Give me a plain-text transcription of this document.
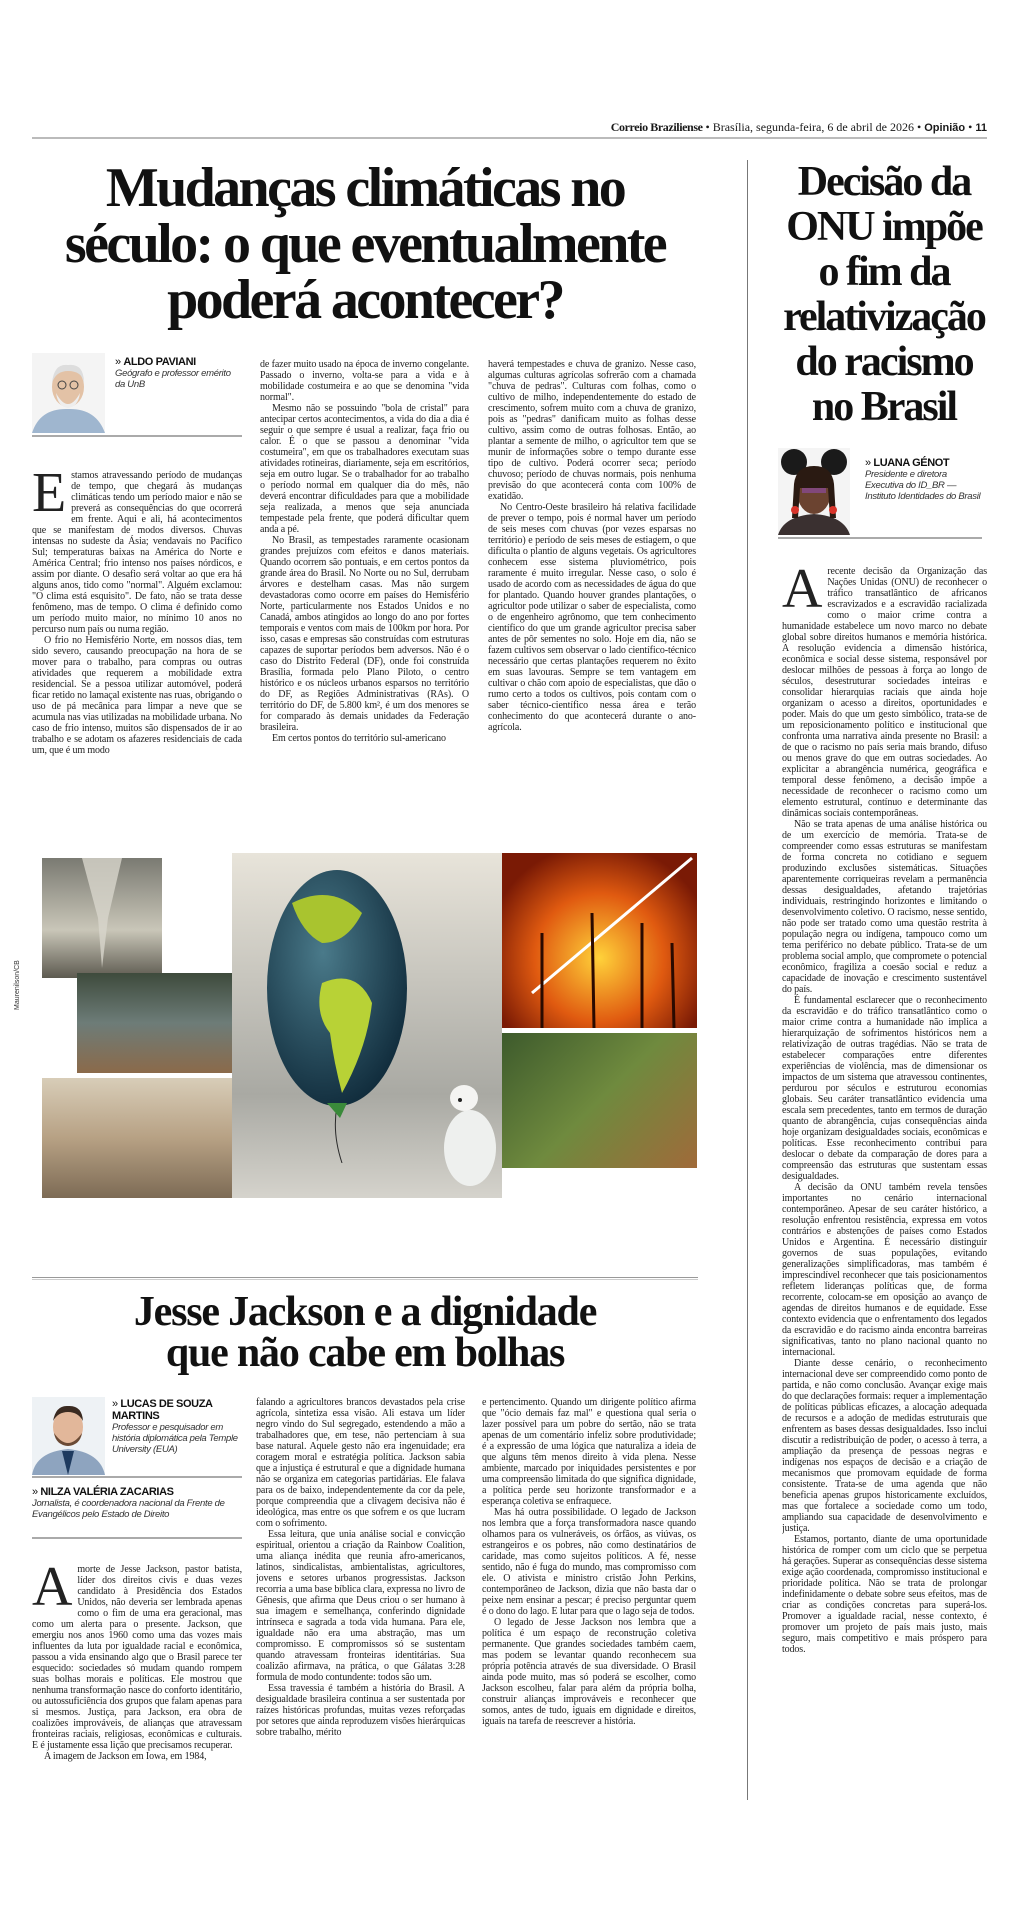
Correio Braziliense • Brasília, segunda-feira, 6 de abril de 2026 • Opinião • 11
Mudanças climáticas no
século: o que eventualmente
poderá acontecer?
» ALDO PAVIANI
Geógrafo e professor emérito da UnB

Estamos atravessando período de mudanças de tempo, que chegará às mudanças climáticas tendo um período maior e não se preverá as consequências do que ocorrerá em frente. Aqui e ali, há acontecimentos que se manifestam de modos diversos. Chuvas intensas no sudeste da Ásia; vendavais no Pacífico Sul; temperaturas baixas na América do Norte e América Central; frio intenso nos países nórdicos, e assim por diante. O desafio será voltar ao que era há alguns anos, tido como "normal". Alguém exclamou: "O clima está esquisito". De fato, não se trata desse fenômeno, mas de tempo. O clima é definido como um período muito maior, no mínimo 10 anos no percurso num país ou numa região.

O frio no Hemisfério Norte, em nossos dias, tem sido severo, causando preocupação na hora de se mover para o trabalho, para compras ou outras atividades que requerem a mobilidade extra residencial. Se a pessoa utilizar automóvel, poderá ficar retido no lamaçal existente nas ruas, obrigando o uso de pá mecânica para limpar a neve que se acumula nas vias utilizadas na mobilidade urbana. No caso de frio intenso, muitos são dispensados de ir ao trabalho e se adotam os afazeres residenciais de cada um, que é um modo

de fazer muito usado na época de inverno congelante. Passado o inverno, volta-se para a vida e à mobilidade costumeira e ao que se denomina "vida normal".

Mesmo não se possuindo "bola de cristal" para antecipar certos acontecimentos, a vida do dia a dia é seguir o que sempre é usual a realizar, faça frio ou calor. É o que se passou a denominar "vida costumeira", em que os trabalhadores executam suas atividades rotineiras, diariamente, seja em escritórios, seja em outro lugar. Se o trabalhador for ao trabalho o período normal em qualquer dia do mês, não deverá encontrar dificuldades para que a mobilidade seja realizada, a menos que seja anunciada tempestade pela frente, que poderá dificultar quem anda a pé.

No Brasil, as tempestades raramente ocasionam grandes prejuízos com efeitos e danos materiais. Quando ocorrem são pontuais, e em certos pontos da grande área do Brasil. No Norte ou no Sul, derrubam árvores e destelham casas. Mas não surgem devastadoras como ocorre em países do Hemisfério Norte, particularmente nos Estados Unidos e no Canadá, ambos atingidos ao longo do ano por fortes temporais e ventos com mais de 100km por hora. Por isso, casas e empresas são construídas com estruturas capazes de suportar períodos bem adversos. Não é o caso do Distrito Federal (DF), onde foi construída Brasília, formada pelo Plano Piloto, o centro histórico e os núcleos urbanos esparsos no território do DF, as Regiões Administrativas (RAs). O território do DF, de 5.800 km², é um dos menores se for comparado às demais unidades da Federação brasileira.

Em certos pontos do território sul-americano

haverá tempestades e chuva de granizo. Nesse caso, algumas culturas agrícolas sofrerão com a chamada "chuva de pedras". Culturas com folhas, como o cultivo de milho, independentemente do estado de crescimento, sofrem muito com a chuva de granizo, pois as "pedras" danificam muito as folhas desse cultivo, assim como de outras folhosas. Então, ao plantar a semente de milho, o agricultor tem que se munir de informações sobre o tempo durante esse tipo de cultivo. Poderá ocorrer seca; período chuvoso; período de chuvas normais, pois nenhuma previsão do que acontecerá conta com 100% de exatidão.

No Centro-Oeste brasileiro há relativa facilidade de prever o tempo, pois é normal haver um período de seis meses com chuvas (por vezes esparsas no território) e período de seis meses de estiagem, o que dificulta o plantio de alguns vegetais. Os agricultores conhecem esse sistema pluviométrico, pois raramente é muito irregular. Nesse caso, o solo é usado de acordo com as necessidades de água do que for plantado. Quando houver grandes plantações, o agricultor pode utilizar o saber de especialista, como o de engenheiro agrônomo, que tem conhecimento científico do que um grande agricultor precisa saber antes de pôr sementes no solo. Hoje em dia, não se fazem cultivos sem observar o lado científico-técnico necessário que certas plantações requerem no êxito em suas lavouras. Sempre se tem vantagem em cultivar o chão com apoio de especialistas, que dão o rumo certo a todos os cultivos, pois contam com o saber técnico-científico nessa área e terão conhecimento do que acontecerá durante o ano-agrícola.

Maurenilson/CB
Jesse Jackson e a dignidade
que não cabe em bolhas
» LUCAS DE SOUZA MARTINS
Professor e pesquisador em história diplomática pela Temple University (EUA)
» NILZA VALÉRIA ZACARIAS
Jornalista, é coordenadora nacional da Frente de Evangélicos pelo Estado de Direito

Amorte de Jesse Jackson, pastor batista, líder dos direitos civis e duas vezes candidato à Presidência dos Estados Unidos, não deveria ser lembrada apenas como o fim de uma era geracional, mas como um alerta para o presente. Jackson, que emergiu nos anos 1960 como uma das vozes mais influentes da luta por igualdade racial e econômica, passou a vida ensinando algo que o Brasil parece ter esquecido: sociedades só mudam quando rompem suas bolhas morais e políticas. Ele mostrou que nenhuma transformação nasce do conforto identitário, ou autossuficiência dos grupos que falam apenas para si mesmos. Justiça, para Jackson, era obra de coalizões improváveis, de alianças que atravessam fronteiras raciais, religiosas, econômicas e culturais. E é justamente essa lição que precisamos recuperar.

A imagem de Jackson em Iowa, em 1984,

falando a agricultores brancos devastados pela crise agrícola, sintetiza essa visão. Ali estava um líder negro vindo do Sul segregado, estendendo a mão a trabalhadores que, em tese, não pertenciam à sua base natural. Aquele gesto não era ingenuidade; era coragem moral e estratégia política. Jackson sabia que a injustiça é estrutural e que a dignidade humana não se organiza em categorias partidárias. Ele falava para os de baixo, independentemente da cor da pele, porque compreendia que a clivagem decisiva não é ideológica, mas entre os que sofrem e os que lucram com o sofrimento.

Essa leitura, que unia análise social e convicção espiritual, orientou a criação da Rainbow Coalition, uma aliança inédita que reunia afro-americanos, latinos, sindicalistas, ambientalistas, agricultores, jovens e setores urbanos progressistas. Jackson recorria a uma base bíblica clara, expressa no livro de Gênesis, que afirma que Deus criou o ser humano à sua imagem e semelhança, conferindo dignidade intrínseca e sagrada a toda vida humana. Para ele, igualdade não era uma abstração, mas um compromisso. E compromissos só se sustentam quando atravessam fronteiras identitárias. Sua coalizão afirmava, na prática, o que Gálatas 3:28 formula de modo contundente: todos são um.

Essa travessia é também a história do Brasil. A desigualdade brasileira continua a ser sustentada por raízes históricas profundas, muitas vezes reforçadas por setores que ainda reproduzem visões hierárquicas sobre trabalho, mérito

e pertencimento. Quando um dirigente político afirma que "ócio demais faz mal" e questiona qual seria o lazer possível para um pobre do sertão, não se trata apenas de um comentário infeliz sobre produtividade; é a expressão de uma lógica que naturaliza a ideia de que alguns têm menos direito à vida plena. Nesse ambiente, marcado por iniquidades persistentes e por uma compreensão limitada do que significa dignidade, a política perde seu horizonte transformador e a esperança coletiva se enfraquece.

Mas há outra possibilidade. O legado de Jackson nos lembra que a força transformadora nasce quando olhamos para os vulneráveis, os órfãos, as viúvas, os estrangeiros e os pobres, não como destinatários de caridade, mas como sujeitos políticos. A fé, nesse sentido, não é fuga do mundo, mas compromisso com ele. O ativista e ministro cristão John Perkins, contemporâneo de Jackson, dizia que não basta dar o peixe nem ensinar a pescar; é preciso perguntar quem é o dono do lago. E lutar para que o lago seja de todos.

O legado de Jesse Jackson nos lembra que a política é um espaço de reconstrução coletiva permanente. Que grandes sociedades também caem, mas podem se levantar quando reconhecem sua própria potência através de sua diversidade. O Brasil ainda pode muito, mas só poderá se escolher, como Jackson escolheu, falar para além da própria bolha, construir alianças improváveis e reconhecer que somos, antes de tudo, iguais em dignidade e direitos, iguais na tarefa de reescrever a história.

Decisão da
ONU impõe
o fim da
relativização
do racismo
no Brasil
» LUANA GÉNOT
Presidente e diretora Executiva do ID_BR — Instituto Identidades do Brasil

Arecente decisão da Organização das Nações Unidas (ONU) de reconhecer o tráfico transatlântico de africanos escravizados e a escravidão racializada como o maior crime contra a humanidade estabelece um novo marco no debate global sobre direitos humanos e memória histórica. A resolução evidencia a dimensão histórica, econômica e social desse sistema, responsável por deslocar milhões de pessoas à força ao longo de séculos, desestruturar sociedades inteiras e consolidar hierarquias raciais que ainda hoje organizam o acesso a direitos, oportunidades e poder. Mais do que um gesto simbólico, trata-se de um reposicionamento político e institucional que confronta uma narrativa ainda presente no Brasil: a de que o racismo no país seria mais brando, difuso ou menos grave do que em outras sociedades. Ao explicitar a abrangência numérica, geográfica e temporal desse fenômeno, a decisão impõe a necessidade de reconhecer o racismo como um elemento estrutural, contínuo e determinante das dinâmicas sociais contemporâneas.

Não se trata apenas de uma análise histórica ou de um exercício de memória. Trata-se de compreender como essas estruturas se manifestam de forma concreta no cotidiano e seguem produzindo exclusões sistemáticas. Situações aparentemente corriqueiras revelam a permanência dessas desigualdades, afetando trajetórias individuais, restringindo horizontes e limitando o desenvolvimento coletivo. O racismo, nesse sentido, não pode ser tratado como uma questão restrita à população negra ou indígena, tampouco como um tema periférico no debate público. Trata-se de um problema social amplo, que compromete o potencial econômico, fragiliza a coesão social e reduz a capacidade de inovação e crescimento sustentável do país.

É fundamental esclarecer que o reconhecimento da escravidão e do tráfico transatlântico como o maior crime contra a humanidade não implica a hierarquização de sofrimentos históricos nem a relativização de outras tragédias. Não se trata de estabelecer comparações entre diferentes experiências de violência, mas de dimensionar os impactos de um sistema que atravessou continentes, perdurou por séculos e estruturou economias globais. Seu caráter transatlântico evidencia uma escala sem precedentes, tanto em termos de duração quanto de abrangência, cujas consequências ainda hoje organizam desigualdades sociais, econômicas e políticas. Esse reconhecimento contribui para deslocar o debate da comparação de dores para a compreensão das estruturas que sustentam essas desigualdades.

A decisão da ONU também revela tensões importantes no cenário internacional contemporâneo. Apesar de seu caráter histórico, a resolução enfrentou resistência, expressa em votos contrários e abstenções de países como Estados Unidos e Argentina. É necessário distinguir governos de suas populações, evitando generalizações simplificadoras, mas também é imprescindível reconhecer que tais posicionamentos refletem lideranças políticas que, de forma recorrente, colocam-se em oposição ao avanço de agendas de direitos humanos e de equidade. Esse contexto evidencia que o enfrentamento dos legados da escravidão e do racismo ainda encontra barreiras significativas, tanto no plano nacional quanto no internacional.

Diante desse cenário, o reconhecimento internacional deve ser compreendido como ponto de partida, e não como conclusão. Avançar exige mais do que declarações formais: requer a implementação de políticas públicas eficazes, a alocação adequada de recursos e a adoção de medidas estruturais que enfrentem as bases dessas desigualdades. Isso inclui discutir a redistribuição de poder, o acesso à terra, a ampliação da presença de pessoas negras e indígenas nos espaços de decisão e a criação de mecanismos que promovam equidade de forma consistente. Trata-se de uma agenda que não beneficia apenas grupos historicamente excluídos, mas que fortalece a sociedade como um todo, ampliando sua capacidade de desenvolvimento e justiça.

Estamos, portanto, diante de uma oportunidade histórica de romper com um ciclo que se perpetua há gerações. Superar as consequências desse sistema exige ação coordenada, compromisso institucional e prioridade política. Não se trata de prolongar indefinidamente o debate sobre seus efeitos, mas de criar as condições concretas para superá-los. Promover a igualdade racial, nesse contexto, é promover um projeto de país mais justo, mais seguro, mais competitivo e mais próspero para todos.
